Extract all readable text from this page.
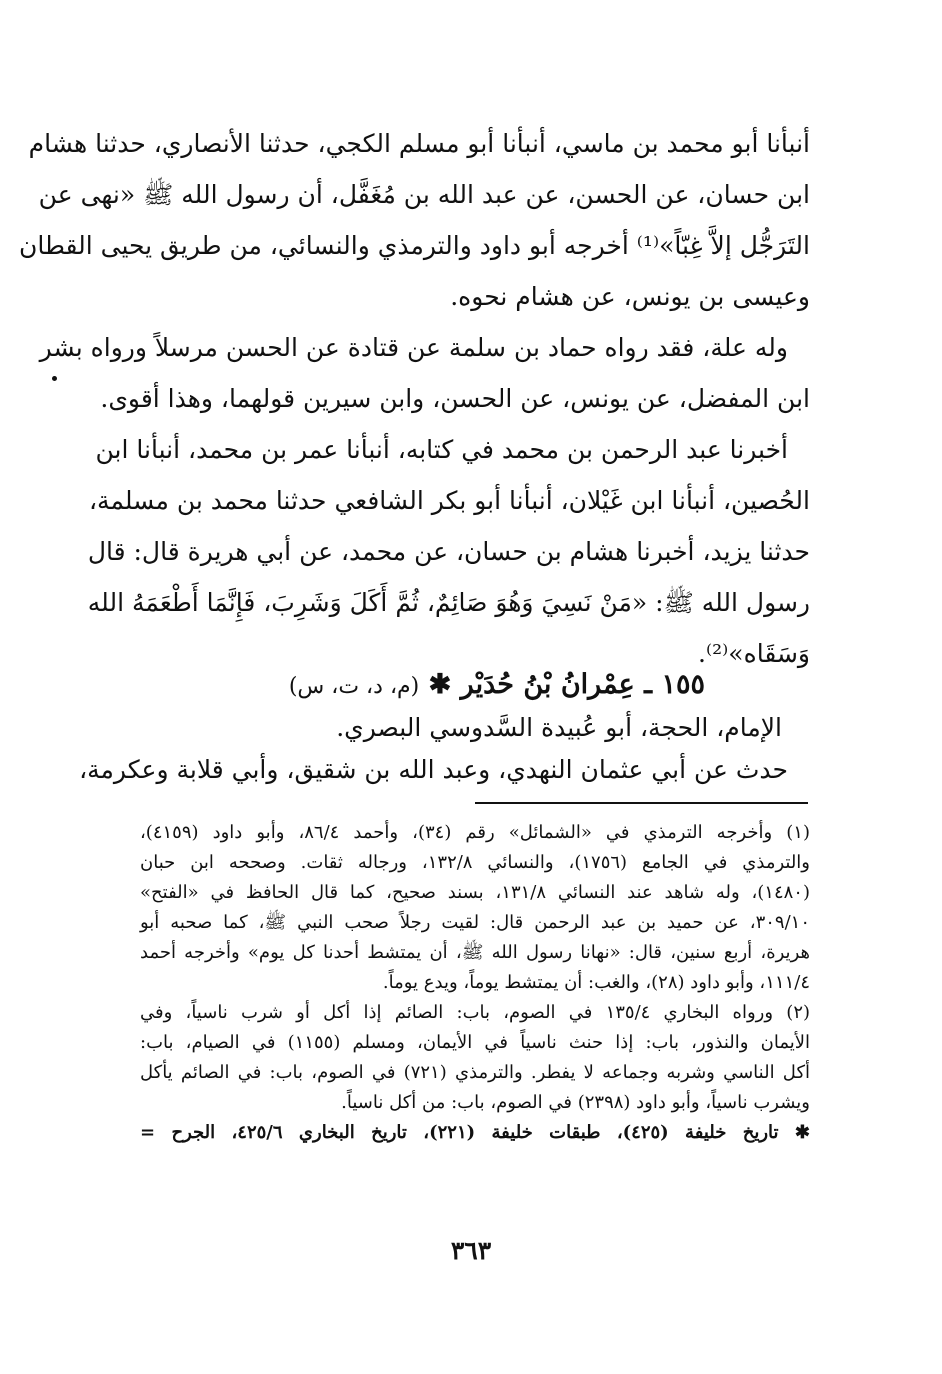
أنبأنا أبو محمد بن ماسي، أنبأنا أبو مسلم الكجي، حدثنا الأنصاري، حدثنا هشام
ابن حسان، عن الحسن، عن عبد الله بن مُغَفَّل، أن رسول الله ﷺ «نهى عن
التَرَجُّل إلاَّ غِبّاً»⁽¹⁾ أخرجه أبو داود والترمذي والنسائي، من طريق يحيى القطان
وعيسى بن يونس، عن هشام نحوه.
وله علة، فقد رواه حماد بن سلمة عن قتادة عن الحسن مرسلاً ورواه بشر
ابن المفضل، عن يونس، عن الحسن، وابن سيرين قولهما، وهذا أقوى.
أخبرنا عبد الرحمن بن محمد في كتابه، أنبأنا عمر بن محمد، أنبأنا ابن
الحُصين، أنبأنا ابن غَيْلان، أنبأنا أبو بكر الشافعي حدثنا محمد بن مسلمة،
حدثنا يزيد، أخبرنا هشام بن حسان، عن محمد، عن أبي هريرة قال: قال
رسول الله ﷺ: «مَنْ نَسِيَ وَهُوَ صَائِمٌ، ثُمَّ أَكَلَ وَشَرِبَ، فَإِنَّمَا أَطْعَمَهُ الله
وَسَقَاه»⁽²⁾.
١٥٥ ـ عِمْرانُ بْنُ حُدَيْر ✱ (م، د، ت، س)
الإمام، الحجة، أبو عُبيدة السَّدوسي البصري.
حدث عن أبي عثمان النهدي، وعبد الله بن شقيق، وأبي قلابة وعكرمة،
(١) وأخرجه الترمذي في «الشمائل» رقم (٣٤)، وأحمد ٨٦/٤، وأبو داود (٤١٥٩)،
والترمذي في الجامع (١٧٥٦)، والنسائي ١٣٢/٨، ورجاله ثقات. وصححه ابن حبان
(١٤٨٠)، وله شاهد عند النسائي ١٣١/٨، بسند صحيح، كما قال الحافظ في «الفتح»
٣٠٩/١٠، عن حميد بن عبد الرحمن قال: لقيت رجلاً صحب النبي ﷺ، كما صحبه أبو
هريرة، أربع سنين، قال: «نهانا رسول الله ﷺ، أن يمتشط أحدنا كل يوم» وأخرجه أحمد
١١١/٤، وأبو داود (٢٨)، والغب: أن يمتشط يوماً، ويدع يوماً.
(٢) ورواه البخاري ١٣٥/٤ في الصوم، باب: الصائم إذا أكل أو شرب ناسياً، وفي
الأيمان والنذور، باب: إذا حنث ناسياً في الأيمان، ومسلم (١١٥٥) في الصيام، باب:
أكل الناسي وشربه وجماعه لا يفطر. والترمذي (٧٢١) في الصوم، باب: في الصائم يأكل
ويشرب ناسياً، وأبو داود (٢٣٩٨) في الصوم، باب: من أكل ناسياً.
✱ تاريخ خليفة (٤٢٥)، طبقات خليفة (٢٢١)، تاريخ البخاري ٤٢٥/٦، الجرح =
٣٦٣
